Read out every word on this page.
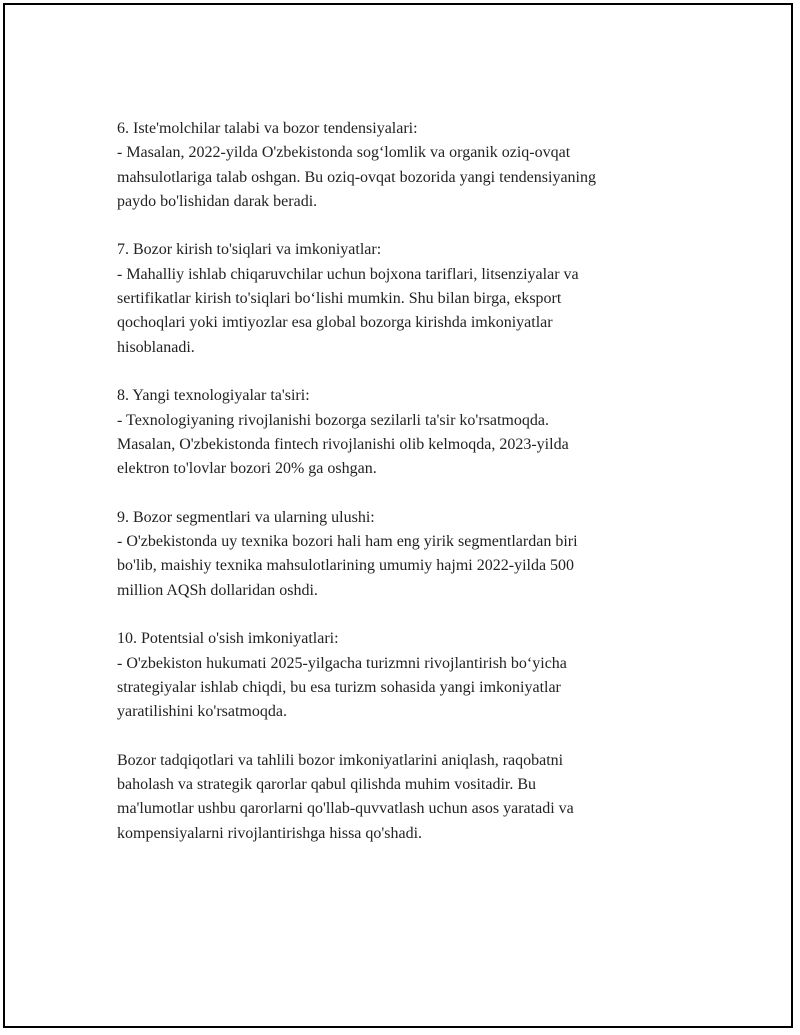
6. Iste'molchilar talabi va bozor tendensiyalari:
- Masalan, 2022-yilda O'zbekistonda sog‘lomlik va organik oziq-ovqat
mahsulotlariga talab oshgan. Bu oziq-ovqat bozorida yangi tendensiyaning
paydo bo'lishidan darak beradi.
7. Bozor kirish to'siqlari va imkoniyatlar:
- Mahalliy ishlab chiqaruvchilar uchun bojxona tariflari, litsenziyalar va
sertifikatlar kirish to'siqlari bo‘lishi mumkin. Shu bilan birga, eksport
qochoqlari yoki imtiyozlar esa global bozorga kirishda imkoniyatlar
hisoblanadi.
8. Yangi texnologiyalar ta'siri:
- Texnologiyaning rivojlanishi bozorga sezilarli ta'sir ko'rsatmoqda.
Masalan, O'zbekistonda fintech rivojlanishi olib kelmoqda, 2023-yilda
elektron to'lovlar bozori 20% ga oshgan.
9. Bozor segmentlari va ularning ulushi:
- O'zbekistonda uy texnika bozori hali ham eng yirik segmentlardan biri
bo'lib, maishiy texnika mahsulotlarining umumiy hajmi 2022-yilda 500
million AQSh dollaridan oshdi.
10. Potentsial o'sish imkoniyatlari:
- O'zbekiston hukumati 2025-yilgacha turizmni rivojlantirish bo‘yicha
strategiyalar ishlab chiqdi, bu esa turizm sohasida yangi imkoniyatlar
yaratilishini ko'rsatmoqda.
Bozor tadqiqotlari va tahlili bozor imkoniyatlarini aniqlash, raqobatni
baholash va strategik qarorlar qabul qilishda muhim vositadir. Bu
ma'lumotlar ushbu qarorlarni qo'llab-quvvatlash uchun asos yaratadi va
kompensiyalarni rivojlantirishga hissa qo'shadi.
